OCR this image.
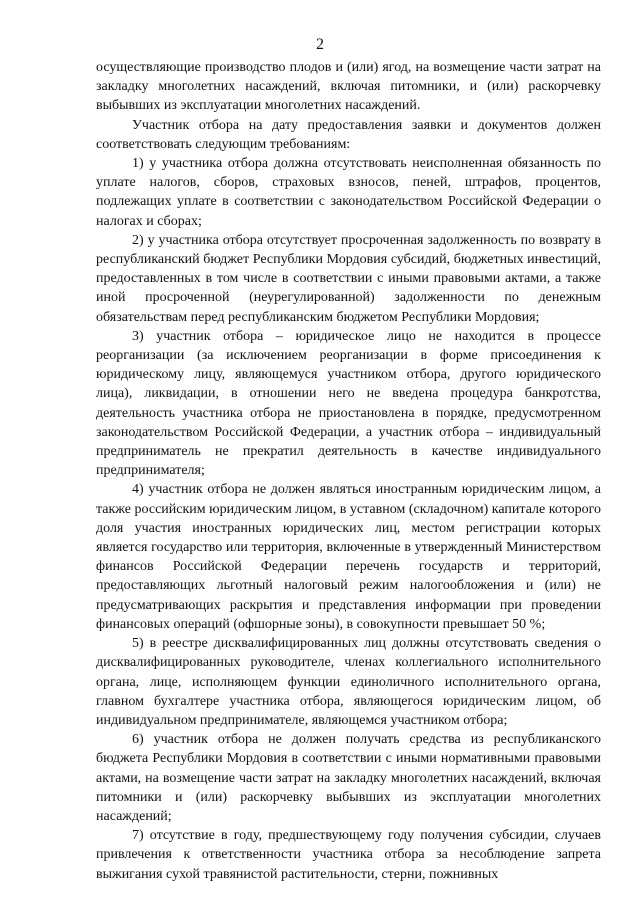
2

осуществляющие производство плодов и (или) ягод, на возмещение части затрат на закладку многолетних насаждений, включая питомники, и (или) раскорчевку выбывших из эксплуатации многолетних насаждений.

Участник отбора на дату предоставления заявки и документов должен соответствовать следующим требованиям:

1) у участника отбора должна отсутствовать неисполненная обязанность по уплате налогов, сборов, страховых взносов, пеней, штрафов, процентов, подлежащих уплате в соответствии с законодательством Российской Федерации о налогах и сборах;

2) у участника отбора отсутствует просроченная задолженность по возврату в республиканский бюджет Республики Мордовия субсидий, бюджетных инвестиций, предоставленных в том числе в соответствии с иными правовыми актами, а также иной просроченной (неурегулированной) задолженности по денежным обязательствам перед республиканским бюджетом Республики Мордовия;

3) участник отбора – юридическое лицо не находится в процессе реорганизации (за исключением реорганизации в форме присоединения к юридическому лицу, являющемуся участником отбора, другого юридического лица), ликвидации, в отношении него не введена процедура банкротства, деятельность участника отбора не приостановлена в порядке, предусмотренном законодательством Российской Федерации, а участник отбора – индивидуальный предприниматель не прекратил деятельность в качестве индивидуального предпринимателя;

4) участник отбора не должен являться иностранным юридическим лицом, а также российским юридическим лицом, в уставном (складочном) капитале которого доля участия иностранных юридических лиц, местом регистрации которых является государство или территория, включенные в утвержденный Министерством финансов Российской Федерации перечень государств и территорий, предоставляющих льготный налоговый режим налогообложения и (или) не предусматривающих раскрытия и представления информации при проведении финансовых операций (офшорные зоны), в совокупности превышает 50 %;

5) в реестре дисквалифицированных лиц должны отсутствовать сведения о дисквалифицированных руководителе, членах коллегиального исполнительного органа, лице, исполняющем функции единоличного исполнительного органа, главном бухгалтере участника отбора, являющегося юридическим лицом, об индивидуальном предпринимателе, являющемся участником отбора;

6) участник отбора не должен получать средства из республиканского бюджета Республики Мордовия в соответствии с иными нормативными правовыми актами, на возмещение части затрат на закладку многолетних насаждений, включая питомники и (или) раскорчевку выбывших из эксплуатации многолетних насаждений;

7) отсутствие в году, предшествующему году получения субсидии, случаев привлечения к ответственности участника отбора за несоблюдение запрета выжигания сухой травянистой растительности, стерни, пожнивных
